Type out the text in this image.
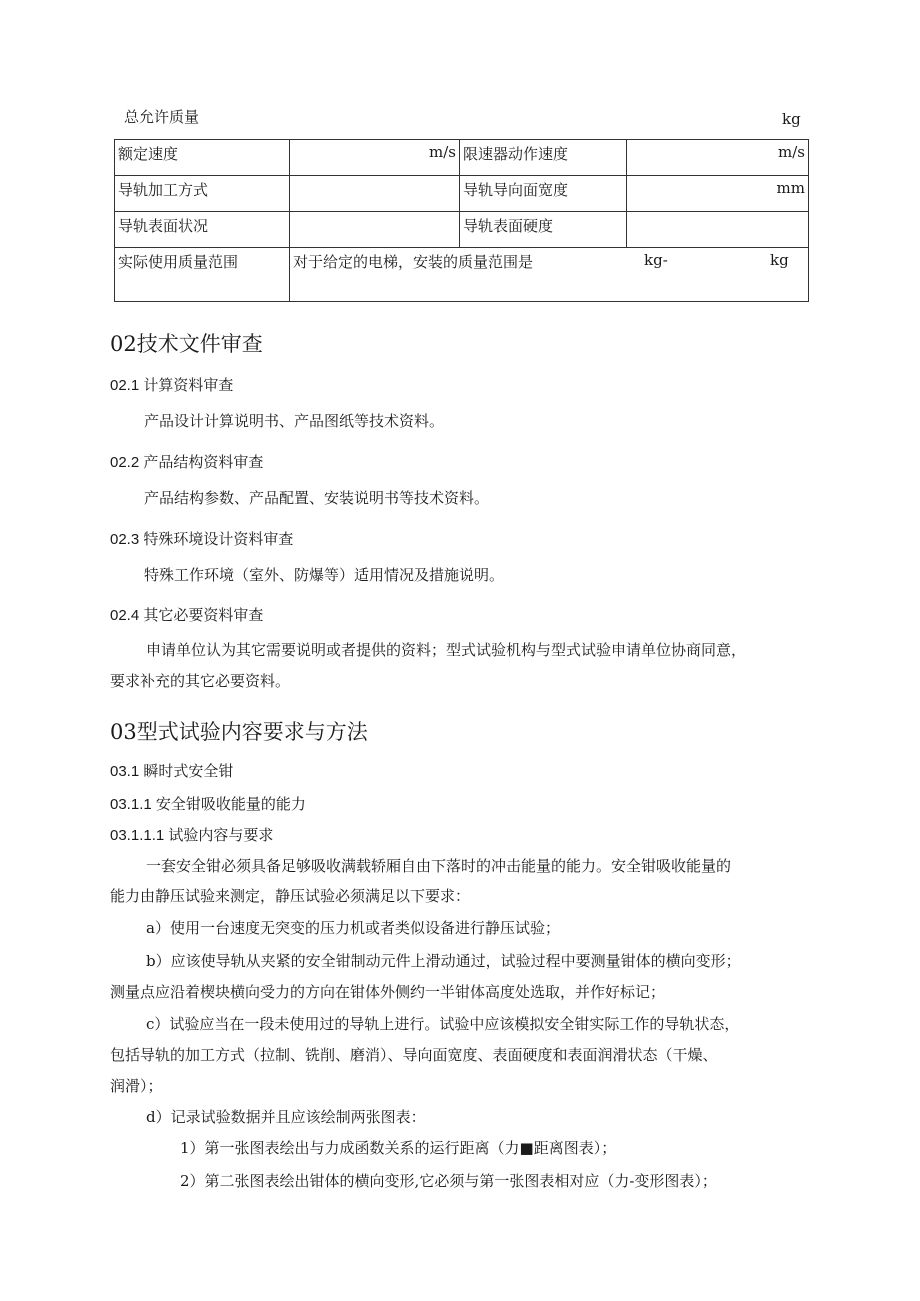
总允许质量	kg
额定速度	m/s	限速器动作速度	m/s
导轨加工方式		导轨导向面宽度	mm
导轨表面状况		导轨表面硬度	
实际使用质量范围	对于给定的电梯，安装的质量范围是 kg- kg		
02技术文件审查
02.1 计算资料审查
产品设计计算说明书、产品图纸等技术资料。
02.2 产品结构资料审查
产品结构参数、产品配置、安装说明书等技术资料。
02.3 特殊环境设计资料审查
特殊工作环境（室外、防爆等）适用情况及措施说明。
02.4 其它必要资料审查
申请单位认为其它需要说明或者提供的资料；型式试验机构与型式试验申请单位协商同意，
要求补充的其它必要资料。
03型式试验内容要求与方法
03.1 瞬时式安全钳
03.1.1 安全钳吸收能量的能力
03.1.1.1 试验内容与要求
一套安全钳必须具备足够吸收满载轿厢自由下落时的冲击能量的能力。安全钳吸收能量的
能力由静压试验来测定，静压试验必须满足以下要求：
a）使用一台速度无突变的压力机或者类似设备进行静压试验；
b）应该使导轨从夹紧的安全钳制动元件上滑动通过，试验过程中要测量钳体的横向变形；
测量点应沿着楔块横向受力的方向在钳体外侧约一半钳体高度处选取，并作好标记；
c）试验应当在一段未使用过的导轨上进行。试验中应该模拟安全钳实际工作的导轨状态，
包括导轨的加工方式（拉制、铣削、磨消）、导向面宽度、表面硬度和表面润滑状态（干燥、
润滑）；
d）记录试验数据并且应该绘制两张图表：
1）第一张图表绘出与力成函数关系的运行距离（力■距离图表）；
2）第二张图表绘出钳体的横向变形,它必须与第一张图表相对应（力-变形图表）；
